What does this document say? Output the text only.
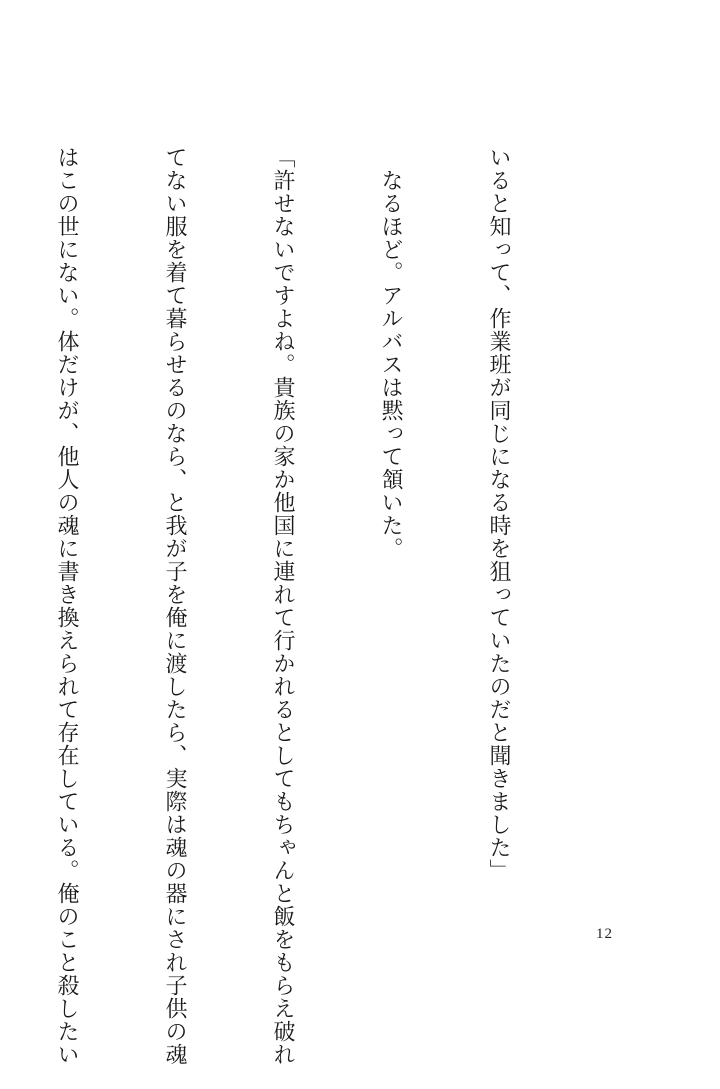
いると知って、作業班が同じになる時を狙っていたのだと聞きました」

　なるほど。アルバスは黙って頷いた。

「許せないですよね。貴族の家か他国に連れて行かれるとしてもちゃんと飯をもらえ破れ

てない服を着て暮らせるのなら、と我が子を俺に渡したら、実際は魂の器にされ子供の魂

はこの世にない。体だけが、他人の魂に書き換えられて存在している。俺のこと殺したい

	12
